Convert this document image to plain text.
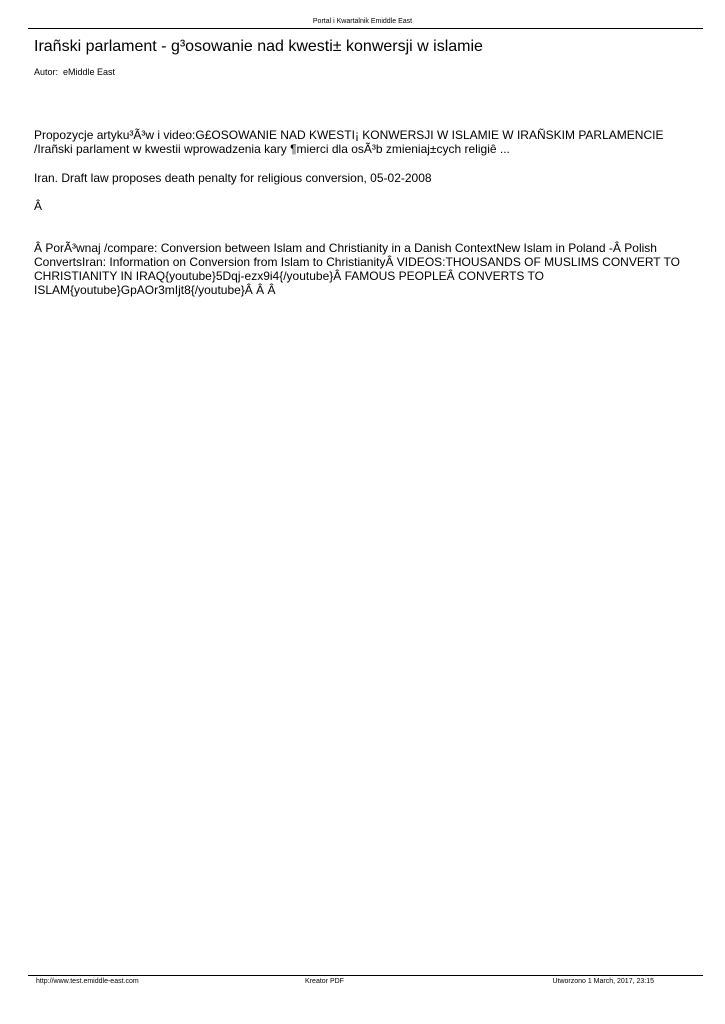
Portal i Kwartalnik Emiddle East
Irañski parlament - g³osowanie nad kwesti± konwersji w islamie
Autor: eMiddle East

Propozycje artyku³Ã³w i video:G£OSOWANIE NAD KWESTI¡ KONWERSJI W ISLAMIE W IRAÑSKIM PARLAMENCIE /Irañski parlament w kwestii wprowadzenia kary ¶mierci dla osÃ³b zmieniaj±cych religiê ...

Iran. Draft law proposes death penalty for religious conversion, 05-02-2008

Â

Â PorÃ³wnaj /compare: Conversion between Islam and Christianity in a Danish ContextNew Islam in Poland -Â Polish ConvertsIran: Information on Conversion from Islam to ChristianityÂ VIDEOS:THOUSANDS OF MUSLIMS CONVERT TO CHRISTIANITY IN IRAQ{youtube}5Dqj-ezx9i4{/youtube}Â FAMOUS PEOPLEÂ CONVERTS TO ISLAM{youtube}GpAOr3mIjt8{/youtube}Â Â Â

http://www.test.emiddle-east.com	Kreator PDF	Utworzono 1 March, 2017, 23:15
